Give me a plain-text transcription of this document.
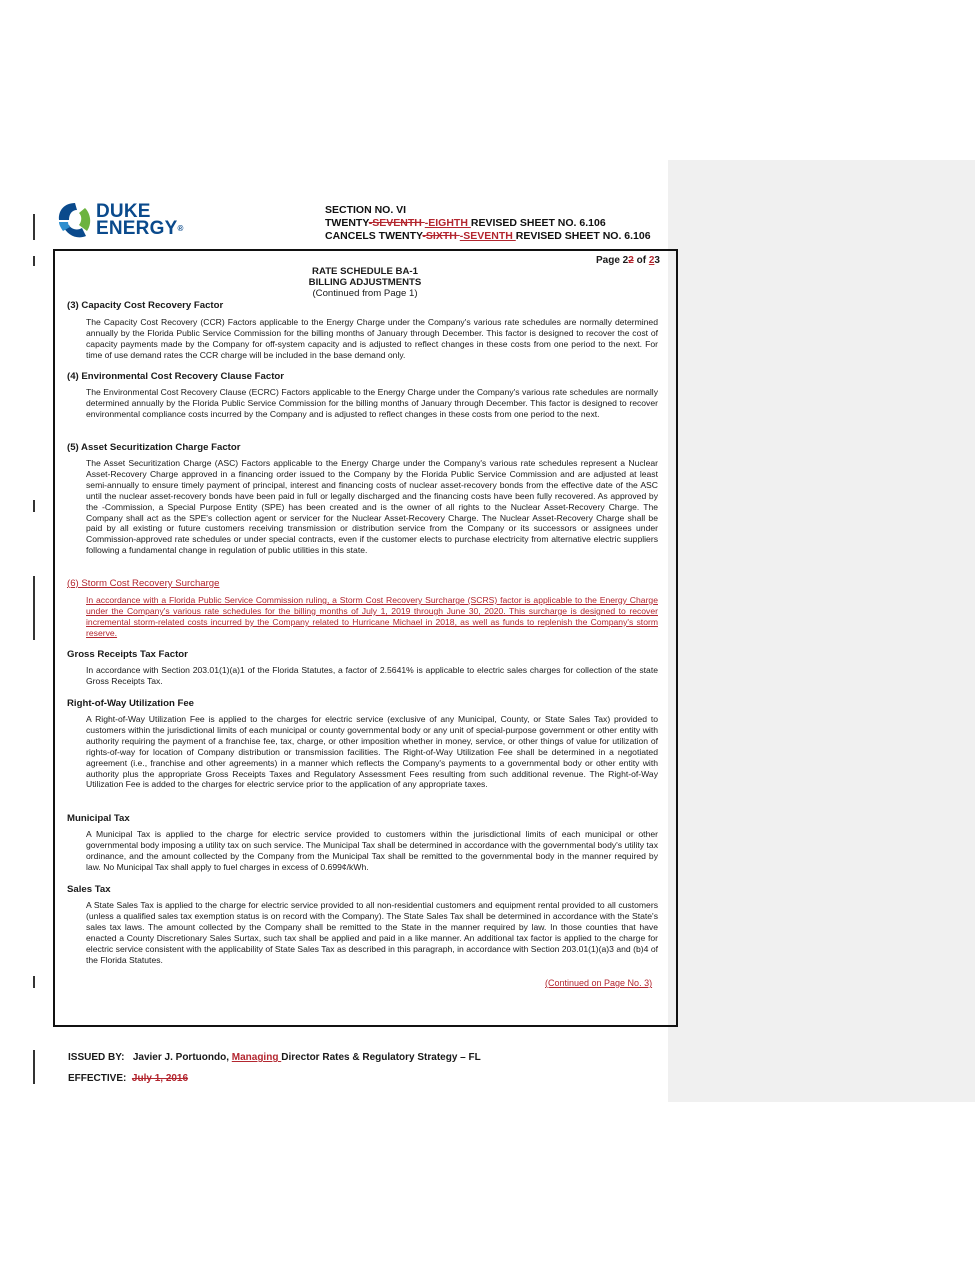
DUKE
ENERGY®
SECTION NO. VI
TWENTY-SEVENTH -EIGHTH REVISED SHEET NO. 6.106
CANCELS TWENTY-SIXTH -SEVENTH REVISED SHEET NO. 6.106
Page 22 of 23
RATE SCHEDULE BA-1
BILLING ADJUSTMENTS
(Continued from Page 1)
(3) Capacity Cost Recovery Factor
The Capacity Cost Recovery (CCR) Factors applicable to the Energy Charge under the Company's various rate schedules are normally determined annually by the Florida Public Service Commission for the billing months of January through December. This factor is designed to recover the cost of capacity payments made by the Company for off-system capacity and is adjusted to reflect changes in these costs from one period to the next. For time of use demand rates the CCR charge will be included in the base demand only.
(4) Environmental Cost Recovery Clause Factor
The Environmental Cost Recovery Clause (ECRC) Factors applicable to the Energy Charge under the Company's various rate schedules are normally determined annually by the Florida Public Service Commission for the billing months of January through December. This factor is designed to recover environmental compliance costs incurred by the Company and is adjusted to reflect changes in these costs from one period to the next.
(5) Asset Securitization Charge Factor
The Asset Securitization Charge (ASC) Factors applicable to the Energy Charge under the Company's various rate schedules represent a Nuclear Asset-Recovery Charge approved in a financing order issued to the Company by the Florida Public Service Commission and are adjusted at least semi-annually to ensure timely payment of principal, interest and financing costs of nuclear asset-recovery bonds from the effective date of the ASC until the nuclear asset-recovery bonds have been paid in full or legally discharged and the financing costs have been fully recovered. As approved by the -Commission, a Special Purpose Entity (SPE) has been created and is the owner of all rights to the Nuclear Asset-Recovery Charge. The Company shall act as the SPE's collection agent or servicer for the Nuclear Asset-Recovery Charge. The Nuclear Asset-Recovery Charge shall be paid by all existing or future customers receiving transmission or distribution service from the Company or its successors or assignees under Commission-approved rate schedules or under special contracts, even if the customer elects to purchase electricity from alternative electric suppliers following a fundamental change in regulation of public utilities in this state.
(6) Storm Cost Recovery Surcharge
In accordance with a Florida Public Service Commission ruling, a Storm Cost Recovery Surcharge (SCRS) factor is applicable to the Energy Charge under the Company's various rate schedules for the billing months of July 1, 2019 through June 30, 2020. This surcharge is designed to recover incremental storm-related costs incurred by the Company related to Hurricane Michael in 2018, as well as funds to replenish the Company's storm reserve.
Gross Receipts Tax Factor
In accordance with Section 203.01(1)(a)1 of the Florida Statutes, a factor of 2.5641% is applicable to electric sales charges for collection of the state Gross Receipts Tax.
Right-of-Way Utilization Fee
A Right-of-Way Utilization Fee is applied to the charges for electric service (exclusive of any Municipal, County, or State Sales Tax) provided to customers within the jurisdictional limits of each municipal or county governmental body or any unit of special-purpose government or other entity with authority requiring the payment of a franchise fee, tax, charge, or other imposition whether in money, service, or other things of value for utilization of rights-of-way for location of Company distribution or transmission facilities. The Right-of-Way Utilization Fee shall be determined in a negotiated agreement (i.e., franchise and other agreements) in a manner which reflects the Company's payments to a governmental body or other entity with authority plus the appropriate Gross Receipts Taxes and Regulatory Assessment Fees resulting from such additional revenue. The Right-of-Way Utilization Fee is added to the charges for electric service prior to the application of any appropriate taxes.
Municipal Tax
A Municipal Tax is applied to the charge for electric service provided to customers within the jurisdictional limits of each municipal or other governmental body imposing a utility tax on such service. The Municipal Tax shall be determined in accordance with the governmental body's utility tax ordinance, and the amount collected by the Company from the Municipal Tax shall be remitted to the governmental body in the manner required by law. No Municipal Tax shall apply to fuel charges in excess of 0.699¢/kWh.
Sales Tax
A State Sales Tax is applied to the charge for electric service provided to all non-residential customers and equipment rental provided to all customers (unless a qualified sales tax exemption status is on record with the Company). The State Sales Tax shall be determined in accordance with the State's sales tax laws. The amount collected by the Company shall be remitted to the State in the manner required by law. In those counties that have enacted a County Discretionary Sales Surtax, such tax shall be applied and paid in a like manner. An additional tax factor is applied to the charge for electric service consistent with the applicability of State Sales Tax as described in this paragraph, in accordance with Section 203.01(1)(a)3 and (b)4 of the Florida Statutes.
(Continued on Page No. 3)
ISSUED BY: Javier J. Portuondo, Managing Director Rates & Regulatory Strategy – FL
EFFECTIVE: July 1, 2016
